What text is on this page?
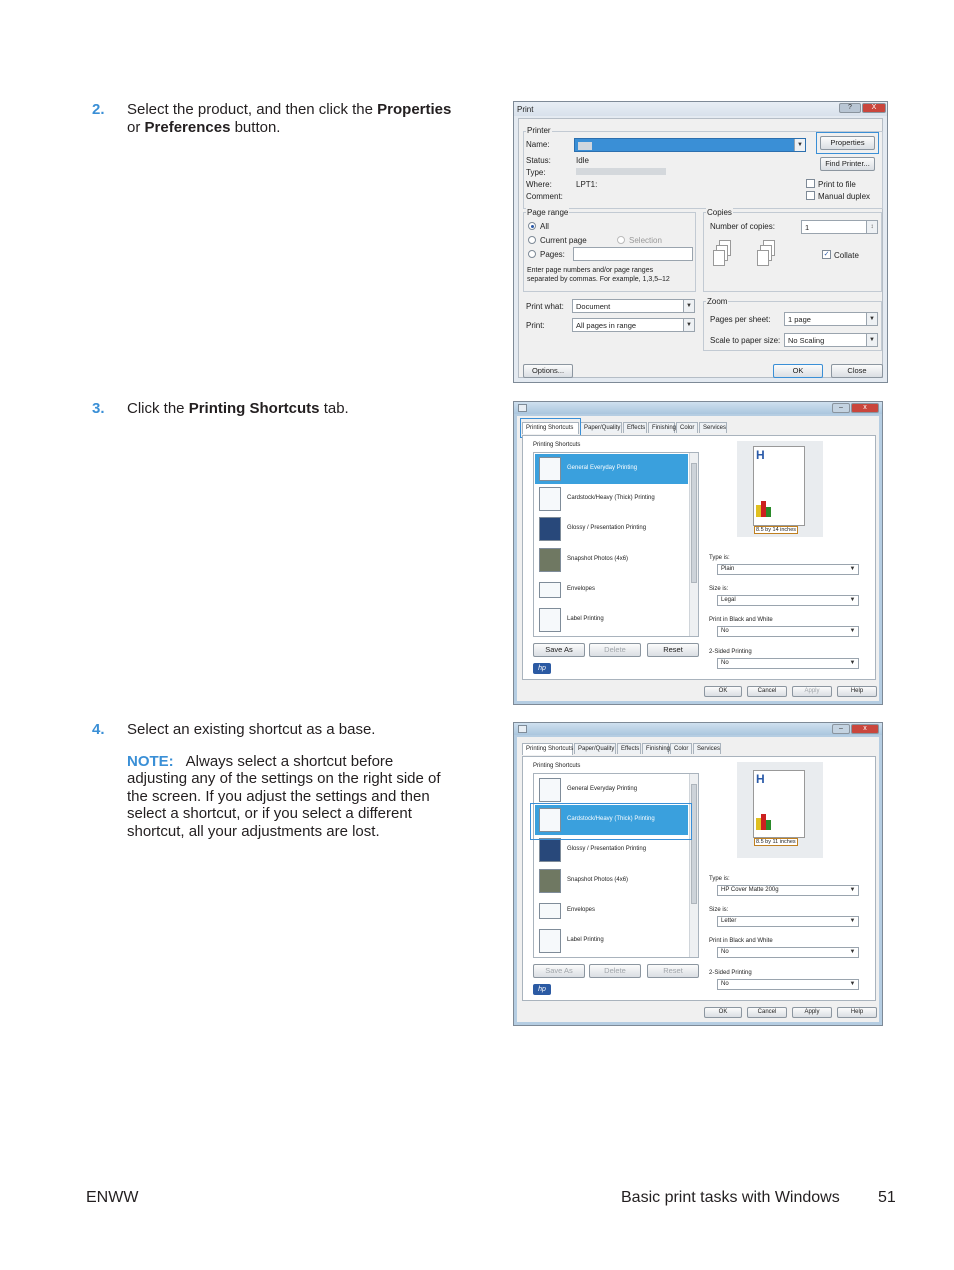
2. Select the product, and then click the Properties or Preferences button.
3. Click the Printing Shortcuts tab.
4. Select an existing shortcut as a base.
NOTE: Always select a shortcut before adjusting any of the settings on the right side of the screen. If you adjust the settings and then select a shortcut, or if you select a different shortcut, all your adjustments are lost.
Print	?	X
Printer
Name:	▼
Status:	Idle
Type:
Where:	LPT1:
Comment:
Properties
Find Printer...
Print to file
Manual duplex
Page range
All
Current page	Selection
Pages:
Enter page numbers and/or page ranges
separated by commas. For example, 1,3,5–12
Copies
Number of copies:	1	↕
✓ Collate
Print what:	Document	▼
Print:	All pages in range	▼
Zoom
Pages per sheet:	1 page	▼
Scale to paper size:	No Scaling	▼
Options...	OK	Close
–	x
Printing Shortcuts	Paper/Quality	Effects	Finishing Color	Services
Printing Shortcuts
General Everyday Printing
Cardstock/Heavy (Thick) Printing
Glossy / Presentation Printing
Snapshot Photos (4x6)
Envelopes
Label Printing
Save As	Delete	Reset
hp
H
8.5 by 14 inches
Type is:
Plain	▼
Size is:
Legal	▼
Print in Black and White
No	▼
2-Sided Printing
No	▼
OK	Cancel	Apply	Help
–	x
Printing Shortcuts Paper/Quality	Effects	Finishing Color	Services
Printing Shortcuts
General Everyday Printing
Cardstock/Heavy (Thick) Printing
Glossy / Presentation Printing
Snapshot Photos (4x6)
Envelopes
Label Printing
Save As	Delete	Reset
hp
H
8.5 by 11 inches
Type is:
HP Cover Matte 200g	▼
Size is:
Letter	▼
Print in Black and White
No	▼
2-Sided Printing
No	▼
OK	Cancel	Apply	Help
ENWW	Basic print tasks with Windows 51
